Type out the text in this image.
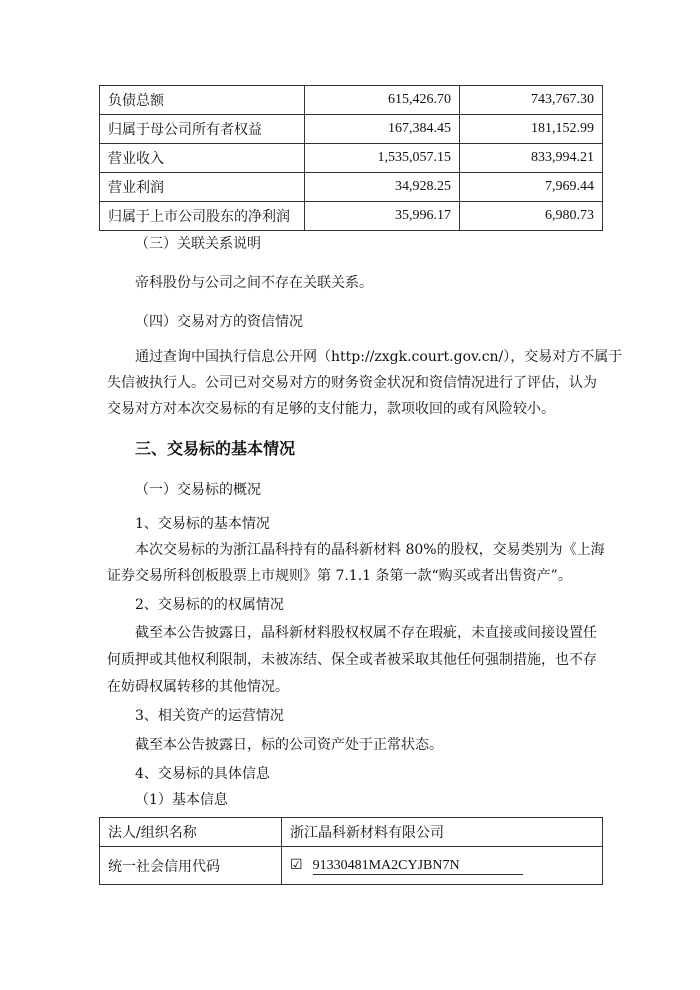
负债总额	615,426.70	743,767.30
归属于母公司所有者权益	167,384.45	181,152.99
营业收入	1,535,057.15	833,994.21
营业利润	34,928.25	7,969.44
归属于上市公司股东的净利润	35,996.17	6,980.73
（三）关联关系说明
帝科股份与公司之间不存在关联关系。
（四）交易对方的资信情况
通过查询中国执行信息公开网（http://zxgk.court.gov.cn/），交易对方不属于
失信被执行人。公司已对交易对方的财务资金状况和资信情况进行了评估，认为
交易对方对本次交易标的有足够的支付能力，款项收回的或有风险较小。
三、交易标的基本情况
（一）交易标的概况
1、交易标的基本情况
本次交易标的为浙江晶科持有的晶科新材料 80%的股权，交易类别为《上海
证券交易所科创板股票上市规则》第 7.1.1 条第一款“购买或者出售资产”。
2、交易标的的权属情况
截至本公告披露日，晶科新材料股权权属不存在瑕疵，未直接或间接设置任
何质押或其他权利限制，未被冻结、保全或者被采取其他任何强制措施，也不存
在妨碍权属转移的其他情况。
3、相关资产的运营情况
截至本公告披露日，标的公司资产处于正常状态。
4、交易标的具体信息
（1）基本信息
法人/组织名称	浙江晶科新材料有限公司
统一社会信用代码	☑ 91330481MA2CYJBN7N
